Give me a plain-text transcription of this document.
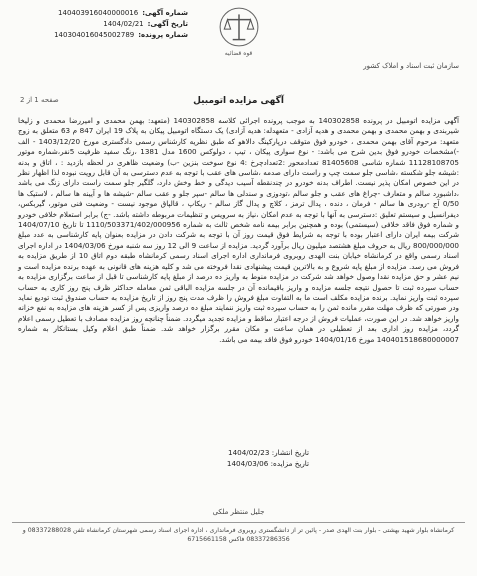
شماره آگهی:
140403916040000016
تاریخ آگهی:
1404/02/21
شماره پرونده:
140304016045002789
قوه قضائیه
سازمان ثبت اسناد و املاک کشور
صفحه 1 از 2	آگهی مزایده اتومبیل
آگهی مزایده اتومبیل در پرونده 140302858 به موجب پرونده اجرائی کلاسه 140302858 (متعهد: بهمن محمدی و امیررضا محمدی و زلیخا شیربندی و بهمن محمدی و بهمن محمدی و هدیه آزادی - متعهدله: هدیه آزادی) یک دستگاه اتومبیل پیکان به پلاک 19 ایران 847 م 63 متعلق به زوج متعهد: مرحوم آقای بهمن محمدی ، خودرو فوق متوقف درپارکینگ دالاهو که طبق نظریه کارشناس رسمی دادگستری مورخ 1403/12/20 - الف -)مشخصات خودرو فوق بدین شرح می باشد: - نوع سواری پیکان ، تیپ ، دولوکس 1600 مدل 1381 ،رنگ سفید ظرفیت 5نفر،شماره موتور 11128108705 شماره شاسی 81405608 تعدادمحور :2تعدادچرخ :4 نوع سوخت بنزین -ب) وضعیت ظاهری در لحظه بازدید : ، اتاق و بدنه :شیشه جلو شکسته ،شاسی جلو سمت چپ و راست دارای صدمه ،شاسی های عقب با توجه به عدم دسترسی به آن قابل رویت نبوده لذا اظهار نظر در این خصوص امکان پذیر نیست. اطراف بدنه خودرو در چندنقطه آسیب دیدگی و خط وخش دارد، گلگیر جلو سمت راست دارای زنگ می باشد ،داشبورد سالم و متعارف -چراغ های عقب و جلو سالم ،تودوزی و سندلی ها سالم -سپر جلو و عقب سالم -شیشه ها و آیینه ها سالم ، لاستیک ها 0/50 آج -رودری ها سالم - فرمان ، دنده ، پدال ترمز ، کلاچ و پدال گاز سالم - ریکاپ ، قالپاق موجود نیست - وضعیت فنی موتور، گیربکس، دیفرانسیل و سیستم تعلیق :دسترسی به آنها با توجه به عدم امکان ،نیاز به سرویس و تنظیمات مربوطه داشته باشد. -ج) برابر استعلام خلافی خودرو و شماره فوق فاقد خلافی (سیستمی) بوده و همچنین برابر بیمه نامه شخص ثالث به شماره 1110/503371/402/000956 تا تاریخ 1404/07/10 شرکت بیمه ایران دارای اعتبار بوده با توجه به شرایط فوق قیمت روز آن با توجه به شرکت دادن در مزایده بعنوان پایه کارشناسی به عدد مبلغ 800/000/000 ریال به حروف مبلغ هشتصد میلیون ریال برآورد گردید. مزایده از ساعت 9 الی 12 روز سه شنبه مورخ 1404/03/06 در اداره اجرای اسناد رسمی واقع در کرمانشاه خیابان بنت الهدی روبروی فرمانداری اداره اجرای اسناد رسمی کرمانشاه طبقه دوم اتاق 10 از طریق مزایده به فروش می رسد. مزایده از مبلغ پایه شروع و به بالاترین قیمت پیشنهادی نقدا فروخته می شد و کلیه هزینه های قانونی به عهده برنده مزایده است و نیم عشر و حق مزایده نقدا وصول خواهد شد شرکت در مزایده منوط به واریز ده درصد از مبلغ پایه کارشناسی تا قبل از ساعت برگزاری مزایده به حساب سپرده ثبت تا حصول نتیجه جلسه مزایده و واریز باقیمانده آن در جلسه مزایده الباقی ثمن معامله حداکثر ظرف پنج روز کاری به حساب سپرده ثبت واریز نماید. برنده مزایده مکلف است ما به التفاوت مبلغ فروش را ظرف مدت پنج روز از تاریخ مزایده به حساب صندوق ثبت تودیع نماید ودر صورتی که ظرف مهلت مقرر مانده ثمن را به حساب سپرده ثبت واریز ننمایند مبلغ ده درصد واریزی پس از کسر هزینه های مزایده به نفع خزانه واریز خواهد شد. در این صورت، عملیات فروش از درجه اعتبار ساقط و مزایده تجدید میگردد. ضمناً چنانچه روز مزایده مصادف با تعطیل رسمی اعلام گردد، مزایده روز اداری بعد از تعطیلی در همان ساعت و مکان مقرر برگزار خواهد شد. ضمناً طبق اعلام وکیل بستانکار به شماره 140401518680000007 مورخ 1404/01/16 خودرو فوق فاقد بیمه می باشد.
تاریخ انتشار: 1404/02/23
تاریخ مزایده: 1404/03/06
جلیل منتظر ملکی
کرمانشاه بلوار شهید بهشتی - بلوار بنت الهدی صدر - پائین تر از دانشگستری روبروی فرمانداری ، اداره اجرای اسناد رسمی شهرستان کرمانشاه تلفن 08337288028 و 08337286356 فاکس 6715661158
